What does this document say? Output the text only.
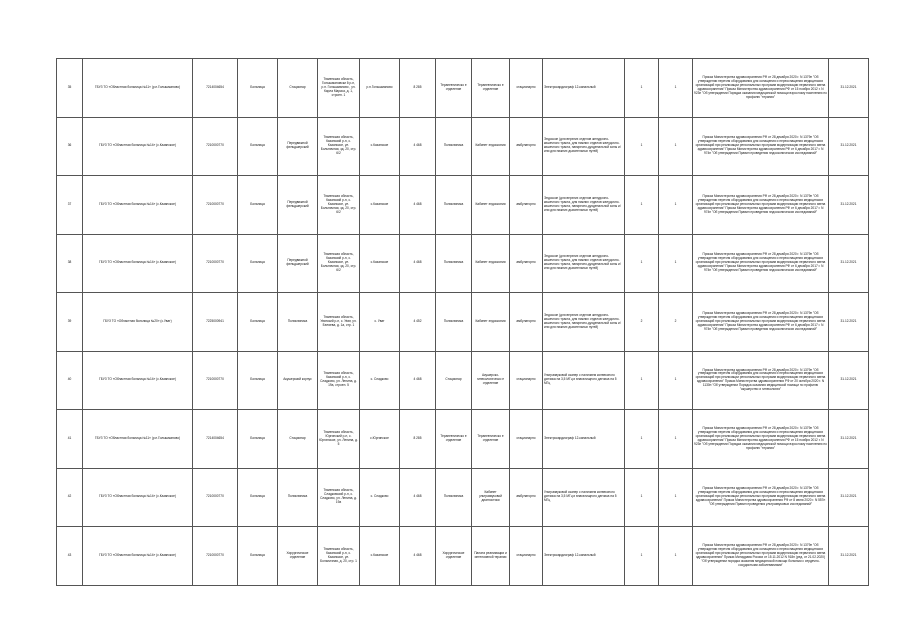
35	ГБУЗ ТО «Областная больница №11» (р.п.Голышманово)	7214004654	Больница	Стационар	Тюменская область, Голышмановски й р-н, р.п. Голышманово , ул. Карла Маркса, д. 1, строен. 1	р.п.Голышманово	8 285	Терапевтическо е отделение	Терапевтическо е отделение	стационарно	Электрокардиограф 12-канальный	1	1	Приказ Министерства здравоохранения РФ от 28 декабря 2020 г. N 1379н "Об утверждении перечня оборудования для оснащения и переоснащения медицинских организаций при реализации региональных программ модернизации первичного звена здравоохранения" Приказ Министерства здравоохранения РФ от 15 ноября 2012 г. N 923н "Об утверждении Порядка оказания медицинской помощи взрослому населению по профилю "терапия"	31.12.2021
36	ГБУЗ ТО «Областная больница №14» (с.Казанское)	7210000770	Больница	Передвижной фельдшерский	Тюменская область, Казанский р-н, с. Казанское, ул. Больничная, зд. 20, стр. 6/2	с.Казанское	4 468	Поликлиника	Кабинет эндоскопии	амбулаторно	Эндоскоп (для верхних отделов желудочно-кишечного тракта, для нижних отделов желудочно-кишечного тракта, панкреато-дуоденальной зоны и/или для нижних дыхательных путей)	1	1	Приказ Министерства здравоохранения РФ от 28 декабря 2020 г. N 1379н "Об утверждении перечня оборудования для оснащения и переоснащения медицинских организаций при реализации региональных программ модернизации первичного звена здравоохранения" Приказ Министерства здравоохранения РФ от 6 декабря 2017 г. N 974н "Об утверждении Правил проведения эндоскопических исследований"	31.12.2021
37	ГБУЗ ТО «Областная больница №14» (с.Казанское)	7210000770	Больница	Передвижной фельдшерский	Тюменская область, Казанский р-н, с. Казанское, ул. Больничная, зд. 20, стр. 6/2	с.Казанское	4 468	Поликлиника	Кабинет эндоскопии	амбулаторно	Эндоскоп (для верхних отделов желудочно-кишечного тракта, для нижних отделов желудочно-кишечного тракта, панкреато-дуоденальной зоны и/или для нижних дыхательных путей)	1	1	Приказ Министерства здравоохранения РФ от 28 декабря 2020 г. N 1379н "Об утверждении перечня оборудования для оснащения и переоснащения медицинских организаций при реализации региональных программ модернизации первичного звена здравоохранения" Приказ Министерства здравоохранения РФ от 6 декабря 2017 г. N 974н "Об утверждении Правил проведения эндоскопических исследований"	31.12.2021
38	ГБУЗ ТО «Областная больница №14» (с.Казанское)	7210000770	Больница	Передвижной фельдшерский	Тюменская область, Казанский р-н, с. Казанское, ул. Больничная, зд. 20, стр. 6/2	с.Казанское	4 468	Поликлиника	Кабинет эндоскопии	амбулаторно	Эндоскоп (для верхних отделов желудочно-кишечного тракта, для нижних отделов желудочно-кишечного тракта, панкреато-дуоденальной зоны и/или для нижних дыхательных путей)	1	1	Приказ Министерства здравоохранения РФ от 28 декабря 2020 г. N 1379н "Об утверждении перечня оборудования для оснащения и переоснащения медицинских организаций при реализации региональных программ модернизации первичного звена здравоохранения" Приказ Министерства здравоохранения РФ от 6 декабря 2017 г. N 974н "Об утверждении Правил проведения эндоскопических исследований"	31.12.2021
39	ГБУЗ ТО «Областная больница №20» (с.Уват)	7225000941	Больница	Поликлиника	Тюменская область, Уватский р-н, с. Уват, ул. Беляева, д. 1а, стр. 1	с. Уват	4 452	Поликлиника	Кабинет эндоскопии	амбулаторно	Эндоскоп (для верхних отделов желудочно-кишечного тракта, для нижних отделов желудочно-кишечного тракта, панкреато-дуоденальной зоны и/или для нижних дыхательных путей)	2	2	Приказ Министерства здравоохранения РФ от 28 декабря 2020 г. N 1379н "Об утверждении перечня оборудования для оснащения и переоснащения медицинских организаций при реализации региональных программ модернизации первичного звена здравоохранения" Приказ Министерства здравоохранения РФ от 6 декабря 2017 г. N 974н "Об утверждении Правил проведения эндоскопических исследований"	31.12.2021
40	ГБУЗ ТО «Областная больница №14» (с.Казанское)	7210000770	Больница	Акушерский корпус	Тюменская область, Казанский р-н, с. Сладково, ул. Ленина, д. 19а, строен. 5	с. Сладково	4 468	Стационар	Акушерско-гинекологическо е отделение	стационарно	Ультразвуковой сканер с наличием конвексного датчика на 3,5 МГц и влагалищного датчика на 5 МГц	1	1	Приказ Министерства здравоохранения РФ от 28 декабря 2020 г. N 1379н "Об утверждении перечня оборудования для оснащения и переоснащения медицинских организаций при реализации региональных программ модернизации первичного звена здравоохранения" Приказ Министерства здравоохранения РФ от 20 октября 2020 г. N 1130н "Об утверждении Порядка оказания медицинской помощи по профилю "акушерство и гинекология"	31.12.2021
41	ГБУЗ ТО «Областная больница №11» (р.п.Голышманово)	7214004654	Больница	Стационар	Тюменская область, Юргинский р-н, с. Юргинское, ул. Ленина, д. 5	с.Юргинское	8 285	Терапевтическо е отделение	Терапевтическо е отделение	стационарно	Электрокардиограф 12-канальный	1	1	Приказ Министерства здравоохранения РФ от 28 декабря 2020 г. N 1379н "Об утверждении перечня оборудования для оснащения и переоснащения медицинских организаций при реализации региональных программ модернизации первичного звена здравоохранения" Приказ Министерства здравоохранения РФ от 15 ноября 2012 г. N 923н "Об утверждении Порядка оказания медицинской помощи взрослому населению по профилю "терапия"	31.12.2021
42	ГБУЗ ТО «Областная больница №14» (с.Казанское)	7210000770	Больница	Поликлиника	Тюменская область, Сладковский р-н, с. Сладково, ул. Ленина, д. 19а	с. Сладково	4 468	Поликлиника	Кабинет ультразвуковой диагностики	амбулаторно	Ультразвуковой сканер с наличием конвексного датчика на 3,5 МГц и влагалищного датчика на 5 МГц	1	1	Приказ Министерства здравоохранения РФ от 28 декабря 2020 г. N 1379н "Об утверждении перечня оборудования для оснащения и переоснащения медицинских организаций при реализации региональных программ модернизации первичного звена здравоохранения" Приказ Министерства здравоохранения РФ от 8 июня 2020 г. N 557н "Об утверждении Правил проведения ультразвуковых исследований"	31.12.2021
43	ГБУЗ ТО «Областная больница №14» (с.Казанское)	7210000770	Больница	Хирургическое отделение	Тюменская область, Казанский р-н, с. Казанское, ул. Больничная, д. 20, стр. 1	с.Казанское	4 468	Хирургическое отделение	Палата реанимации и интенсивной терапии	стационарно	Электрокардиограф 12-канальный	1	1	Приказ Министерства здравоохранения РФ от 28 декабря 2020 г. N 1379н "Об утверждении перечня оборудования для оснащения и переоснащения медицинских организаций при реализации региональных программ модернизации первичного звена здравоохранения" Приказ Минздрава России от 15.11.2012 N 918н (ред. от 21.02.2020) "Об утверждении порядка оказания медицинской помощи больным с сердечно-сосудистыми заболеваниями"	31.12.2021
